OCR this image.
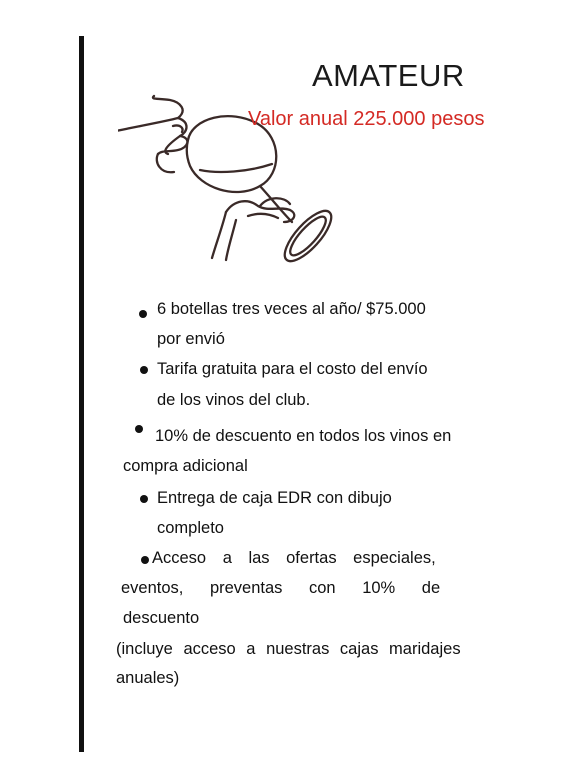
AMATEUR
Valor anual 225.000 pesos
6 botellas tres veces al año/ $75.000
por envió
Tarifa gratuita para el costo del envío
de los vinos del club.
10% de descuento en todos los vinos en
compra adicional
Entrega de caja EDR con dibujo
completo
Acceso a las ofertas especiales,
eventos, preventas con 10% de
descuento
(incluye acceso a nuestras cajas maridajes
anuales)
